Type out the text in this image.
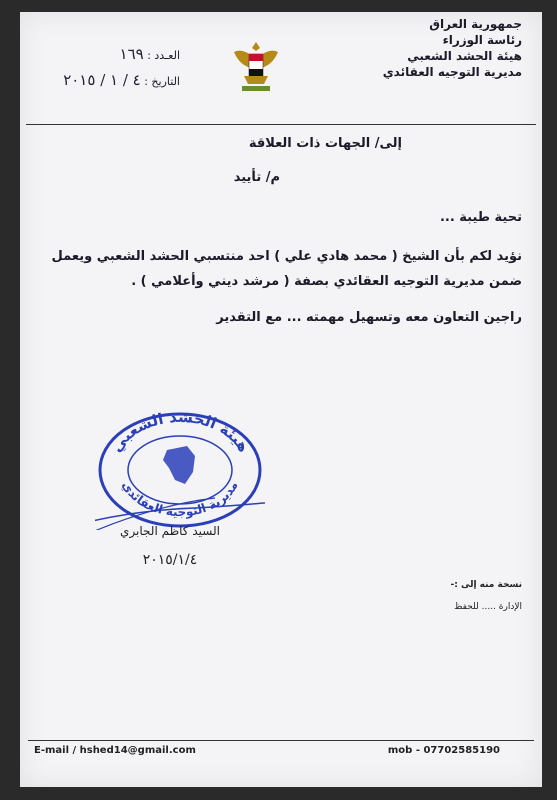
جمهورية العراق
رئاسة الوزراء
هيئة الحشد الشعبي
مديرية التوجيه العقائدي
العـدد : ١٦٩
التاريخ : ٤ / ١ / ٢٠١٥
إلى/ الجهات ذات العلاقة
م/ تأييد
تحية طيبة ...
نؤيد لكم بأن الشيخ ( محمد هادي علي ) احد منتسبي الحشد الشعبي ويعمل ضمن مديرية التوجيه العقائدي بصفة ( مرشد ديني وأعلامي ) .
راجين التعاون معه وتسهيل مهمته ... مع التقدير
هيئة الحشد الشعبي
مديرية التوجيه العقائدي
السيد كاظم الجابري
٢٠١٥/١/٤
نسخة منه إلى :-
الإدارة ..... للحفظ
E-mail / hshed14@gmail.com	mob - 07702585190
